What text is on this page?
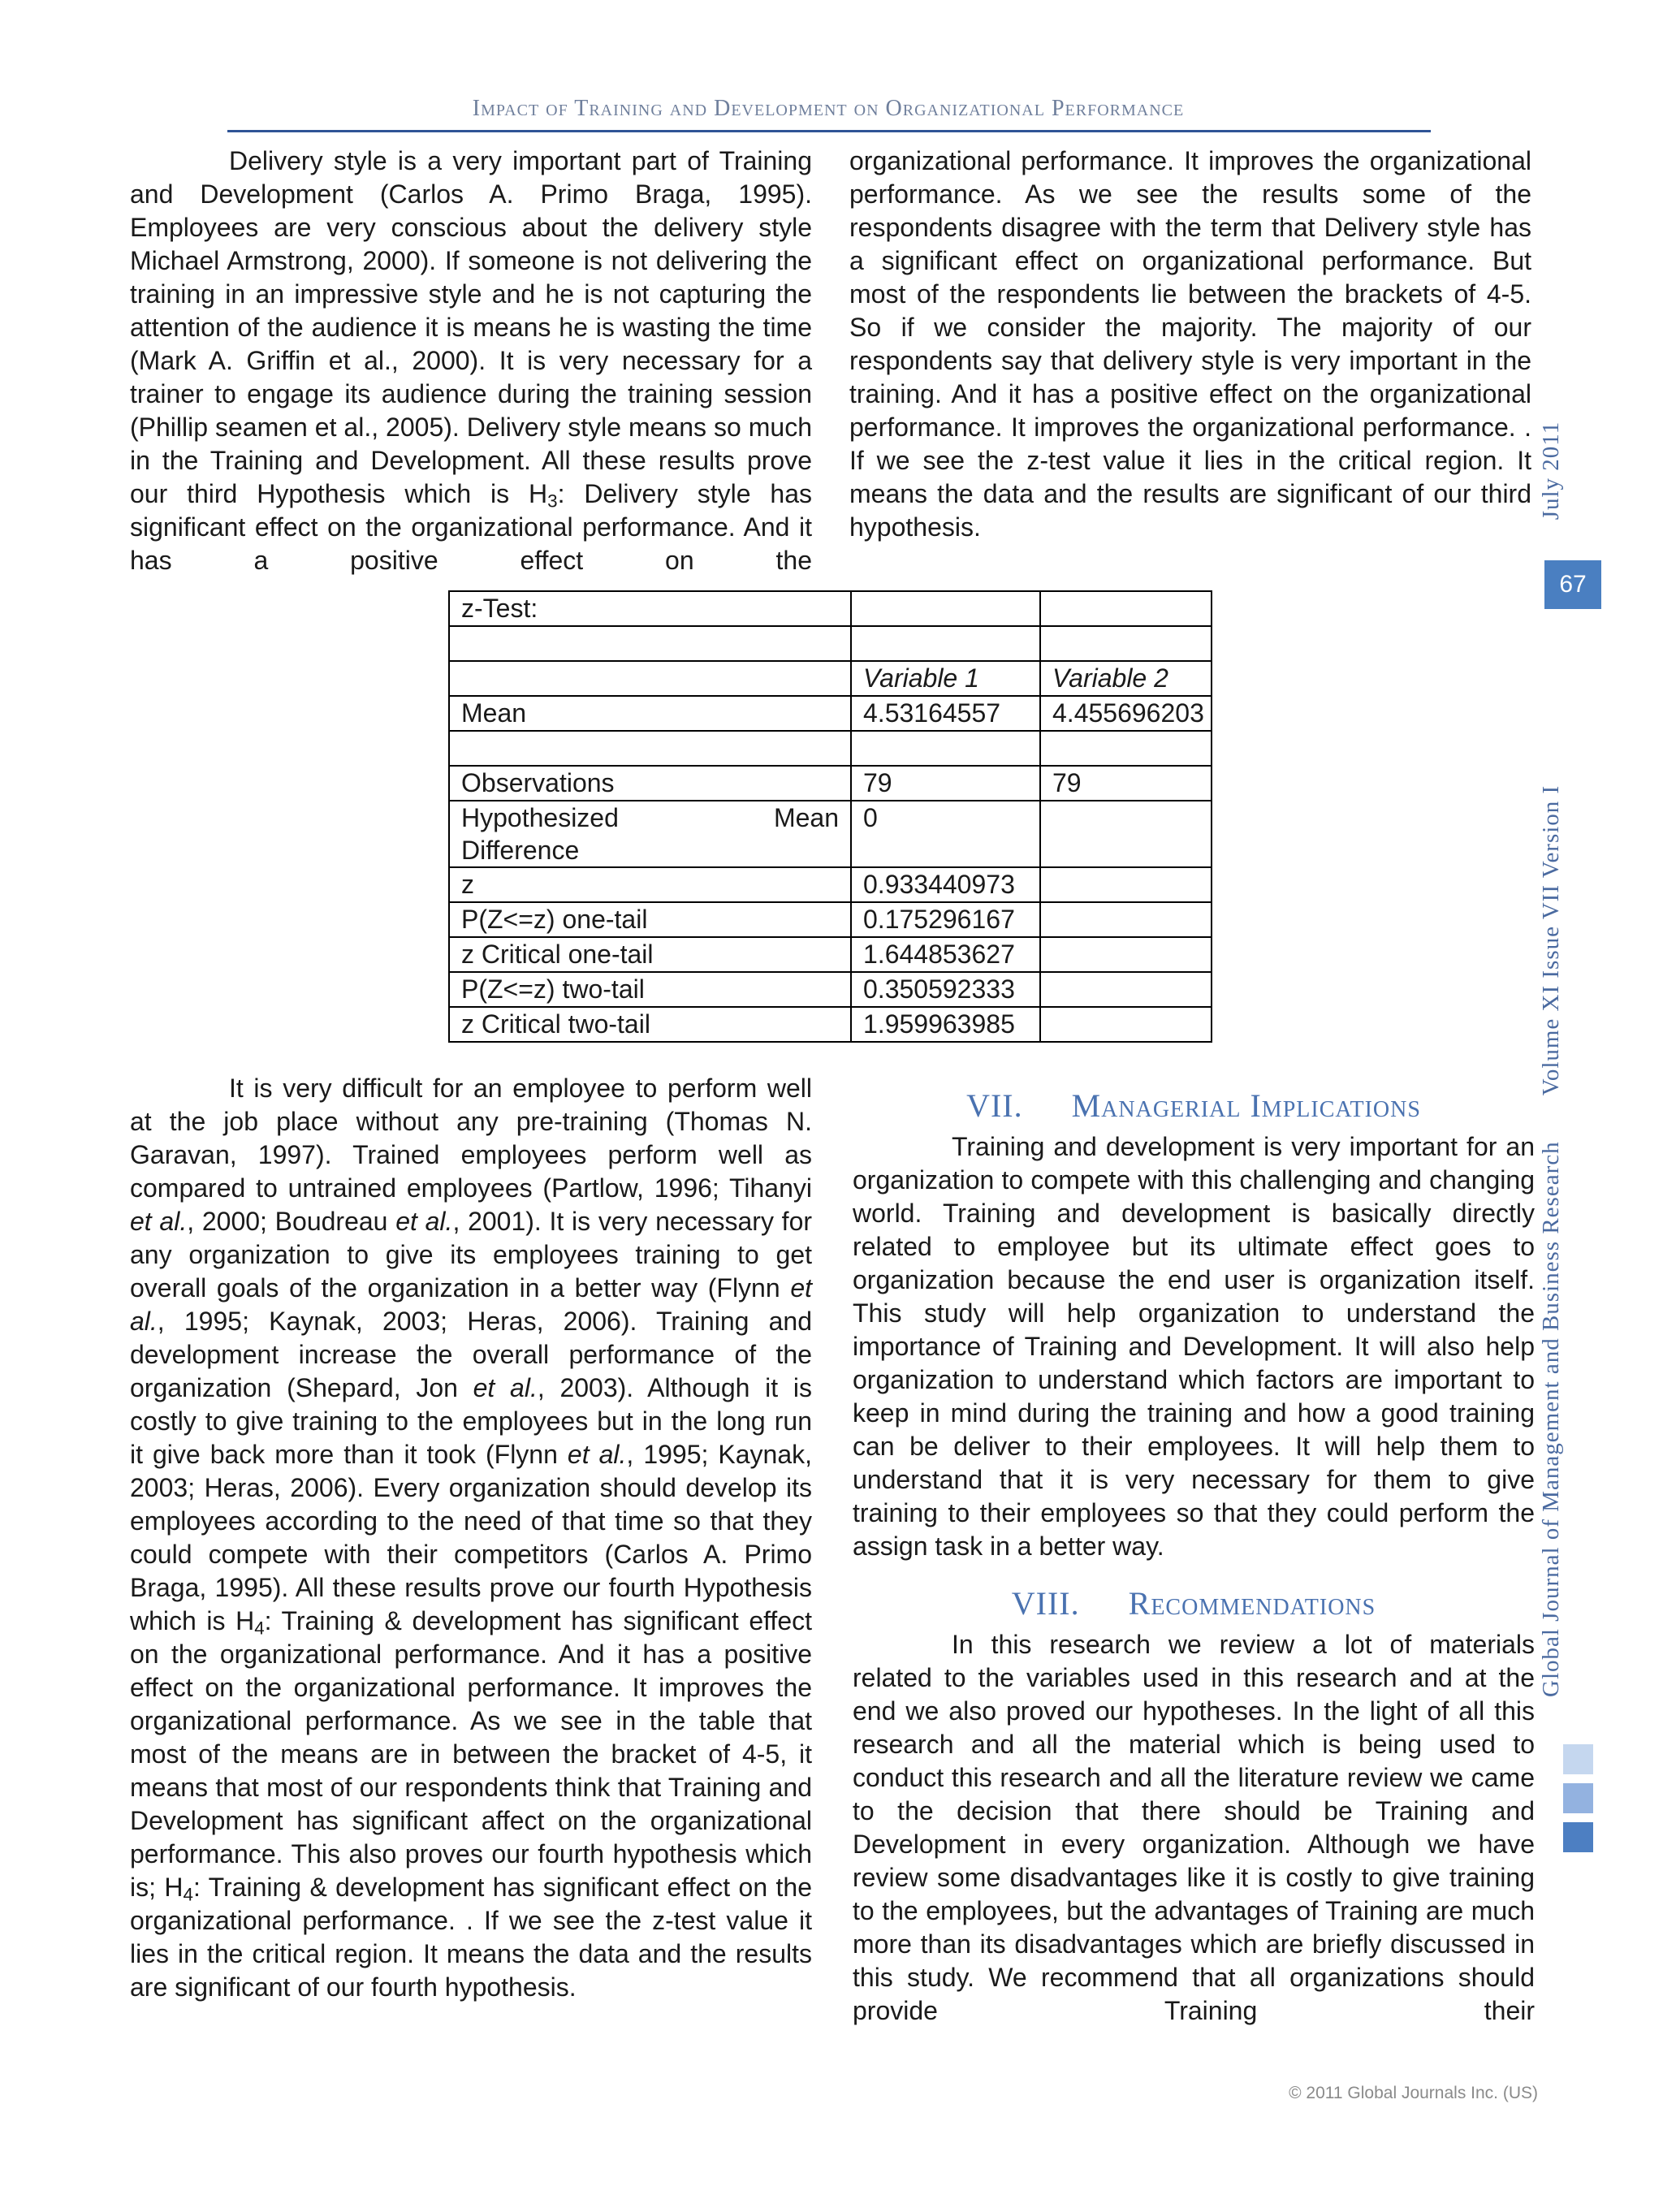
Impact of Training and Development on Organizational Performance

Delivery style is a very important part of Training and Development (Carlos A. Primo Braga, 1995). Employees are very conscious about the delivery style Michael Armstrong, 2000). If someone is not delivering the training in an impressive style and he is not capturing the attention of the audience it is means he is wasting the time (Mark A. Griffin et al., 2000). It is very necessary for a trainer to engage its audience during the training session (Phillip seamen et al., 2005). Delivery style means so much in the Training and Development. All these results prove our third Hypothesis which is $H_3$: Delivery style has significant effect on the organizational performance. And it has a positive effect on the

organizational performance. It improves the organizational performance. As we see the results some of the respondents disagree with the term that Delivery style has a significant effect on organizational performance. But most of the respondents lie between the brackets of 4-5. So if we consider the majority. The majority of our respondents say that delivery style is very important in the training. And it has a positive effect on the organizational performance. It improves the organizational performance. . If we see the z-test value it lies in the critical region. It means the data and the results are significant of our third hypothesis.

z-Test:		

	Variable 1	Variable 2
Mean	4.53164557	4.455696203

Observations	79	79

Hypothesized Mean
Difference	0	
z	0.933440973	
P(Z<=z) one-tail	0.175296167	
z Critical one-tail	1.644853627	
P(Z<=z) two-tail	0.350592333	
z Critical two-tail	1.959963985	

It is very difficult for an employee to perform well at the job place without any pre-training (Thomas N. Garavan, 1997). Trained employees perform well as compared to untrained employees (Partlow, 1996; Tihanyi et al., 2000; Boudreau et al., 2001). It is very necessary for any organization to give its employees training to get overall goals of the organization in a better way (Flynn et al., 1995; Kaynak, 2003; Heras, 2006). Training and development increase the overall performance of the organization (Shepard, Jon et al., 2003). Although it is costly to give training to the employees but in the long run it give back more than it took (Flynn et al., 1995; Kaynak, 2003; Heras, 2006). Every organization should develop its employees according to the need of that time so that they could compete with their competitors (Carlos A. Primo Braga, 1995). All these results prove our fourth Hypothesis which is $H_4$: Training & development has significant effect on the organizational performance. And it has a positive effect on the organizational performance. It improves the organizational performance. As we see in the table that most of the means are in between the bracket of 4-5, it means that most of our respondents think that Training and Development has significant affect on the organizational performance. This also proves our fourth hypothesis which is; $H_4$: Training & development has significant effect on the organizational performance. . If we see the z-test value it lies in the critical region. It means the data and the results are significant of our fourth hypothesis.

VII. Managerial Implications

Training and development is very important for an organization to compete with this challenging and changing world. Training and development is basically directly related to employee but its ultimate effect goes to organization because the end user is organization itself. This study will help organization to understand the importance of Training and Development. It will also help organization to understand which factors are important to keep in mind during the training and how a good training can be deliver to their employees. It will help them to understand that it is very necessary for them to give training to their employees so that they could perform the assign task in a better way.

VIII. Recommendations

In this research we review a lot of materials related to the variables used in this research and at the end we also proved our hypotheses. In the light of all this research and all the material which is being used to conduct this research and all the literature review we came to the decision that there should be Training and Development in every organization. Although we have review some disadvantages like it is costly to give training to the employees, but the advantages of Training are much more than its disadvantages which are briefly discussed in this study. We recommend that all organizations should provide Training their

Global Journal of Management and Business Research  Volume XI Issue VII Version I  July 2011
67
© 2011 Global Journals Inc. (US)
